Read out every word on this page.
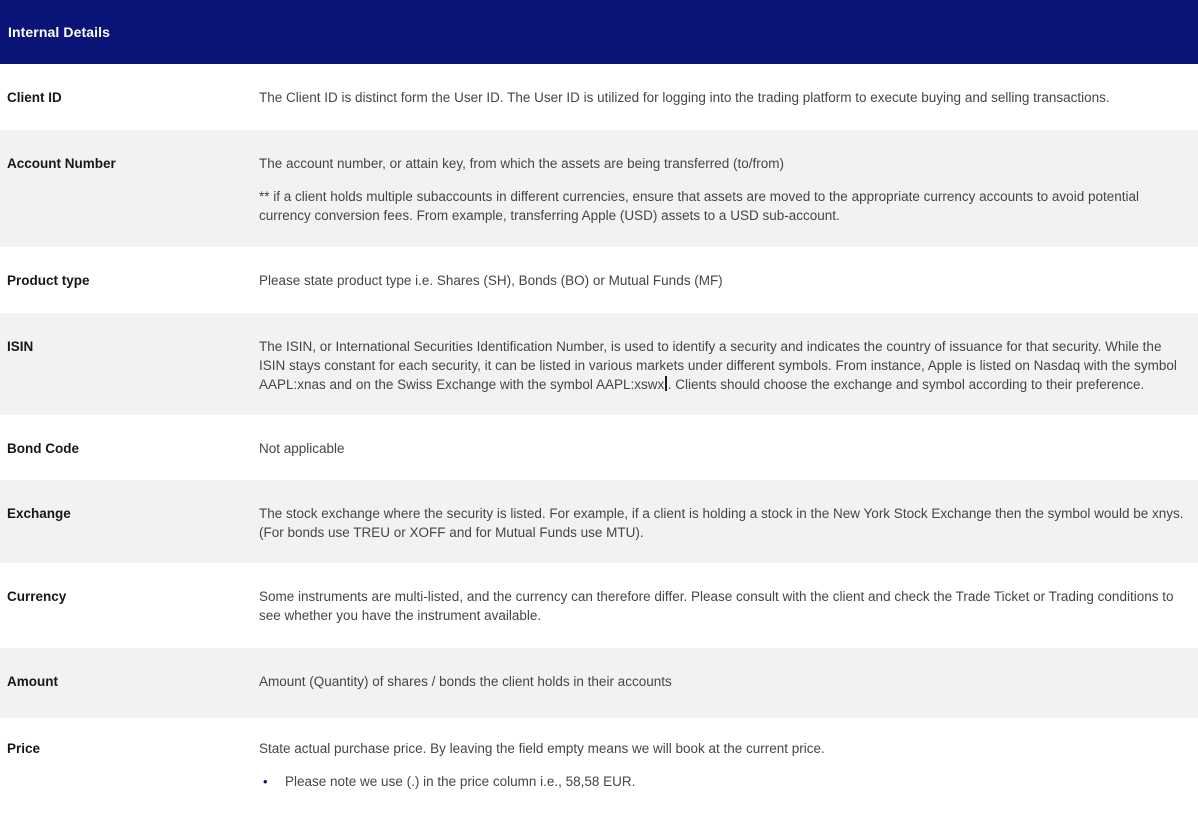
Internal Details
Client ID	The Client ID is distinct form the User ID. The User ID is utilized for logging into the trading platform to execute buying and selling transactions.

Account Number	The account number, or attain key, from which the assets are being transferred (to/from)

** if a client holds multiple subaccounts in different currencies, ensure that assets are moved to the appropriate currency accounts to avoid potential currency conversion fees. From example, transferring Apple (USD) assets to a USD sub-account.

Product type	Please state product type i.e. Shares (SH), Bonds (BO) or Mutual Funds (MF)

ISIN	The ISIN, or International Securities Identification Number, is used to identify a security and indicates the country of issuance for that security. While the ISIN stays constant for each security, it can be listed in various markets under different symbols. From instance, Apple is listed on Nasdaq with the symbol AAPL:xnas and on the Swiss Exchange with the symbol AAPL:xswx . Clients should choose the exchange and symbol according to their preference.

Bond Code	Not applicable

Exchange	The stock exchange where the security is listed. For example, if a client is holding a stock in the New York Stock Exchange then the symbol would be xnys. (For bonds use TREU or XOFF and for Mutual Funds use MTU).

Currency	Some instruments are multi-listed, and the currency can therefore differ. Please consult with the client and check the Trade Ticket or Trading conditions to see whether you have the instrument available.

Amount	Amount (Quantity) of shares / bonds the client holds in their accounts

Price	State actual purchase price. By leaving the field empty means we will book at the current price.

•	Please note we use (.) in the price column i.e., 58,58 EUR.
